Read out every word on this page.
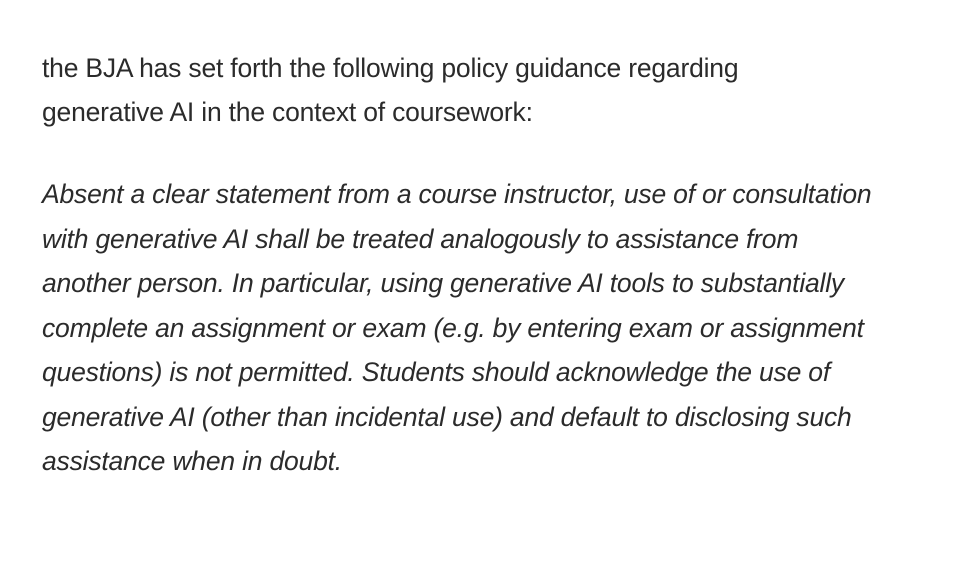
the BJA has set forth the following policy guidance regarding
generative AI in the context of coursework:

Absent a clear statement from a course instructor, use of or consultation
with generative AI shall be treated analogously to assistance from
another person. In particular, using generative AI tools to substantially
complete an assignment or exam (e.g. by entering exam or assignment
questions) is not permitted. Students should acknowledge the use of
generative AI (other than incidental use) and default to disclosing such
assistance when in doubt.
